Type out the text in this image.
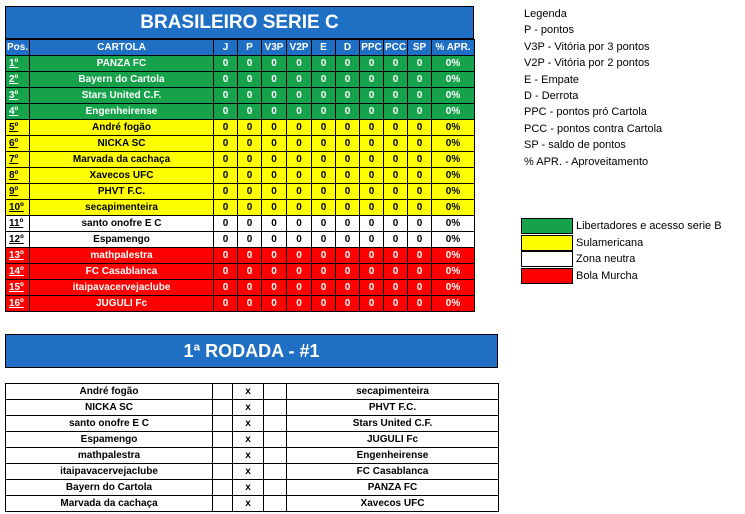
BRASILEIRO SERIE C
Pos.	CARTOLA	J	P	V3P	V2P	E	D	PPC	PCC	SP	% APR.
1º	PANZA FC	0	0	0	0	0	0	0	0	0	0%
2º	Bayern do Cartola	0	0	0	0	0	0	0	0	0	0%
3º	Stars United C.F.	0	0	0	0	0	0	0	0	0	0%
4º	Engenheirense	0	0	0	0	0	0	0	0	0	0%
5º	André fogão	0	0	0	0	0	0	0	0	0	0%
6º	NICKA SC	0	0	0	0	0	0	0	0	0	0%
7º	Marvada da cachaça	0	0	0	0	0	0	0	0	0	0%
8º	Xavecos UFC	0	0	0	0	0	0	0	0	0	0%
9º	PHVT F.C.	0	0	0	0	0	0	0	0	0	0%
10º	secapimenteira	0	0	0	0	0	0	0	0	0	0%
11º	santo onofre E C	0	0	0	0	0	0	0	0	0	0%
12º	Espamengo	0	0	0	0	0	0	0	0	0	0%
13º	mathpalestra	0	0	0	0	0	0	0	0	0	0%
14º	FC Casablanca	0	0	0	0	0	0	0	0	0	0%
15º	itaipavacervejaclube	0	0	0	0	0	0	0	0	0	0%
16º	JUGULI Fc	0	0	0	0	0	0	0	0	0	0%
Legenda
P - pontos
V3P - Vitória por 3 pontos
V2P - Vitória por 2 pontos
E - Empate
D - Derrota
PPC - pontos pró Cartola
PCC - pontos contra Cartola
SP - saldo de pontos
% APR. - Aproveitamento
Libertadores e acesso serie B
Sulamericana
Zona neutra
Bola Murcha
1ª RODADA - #1
André fogão		x		secapimenteira
NICKA SC		x		PHVT F.C.
santo onofre E C		x		Stars United C.F.
Espamengo		x		JUGULI Fc
mathpalestra		x		Engenheirense
itaipavacervejaclube		x		FC Casablanca
Bayern do Cartola		x		PANZA FC
Marvada da cachaça		x		Xavecos UFC
